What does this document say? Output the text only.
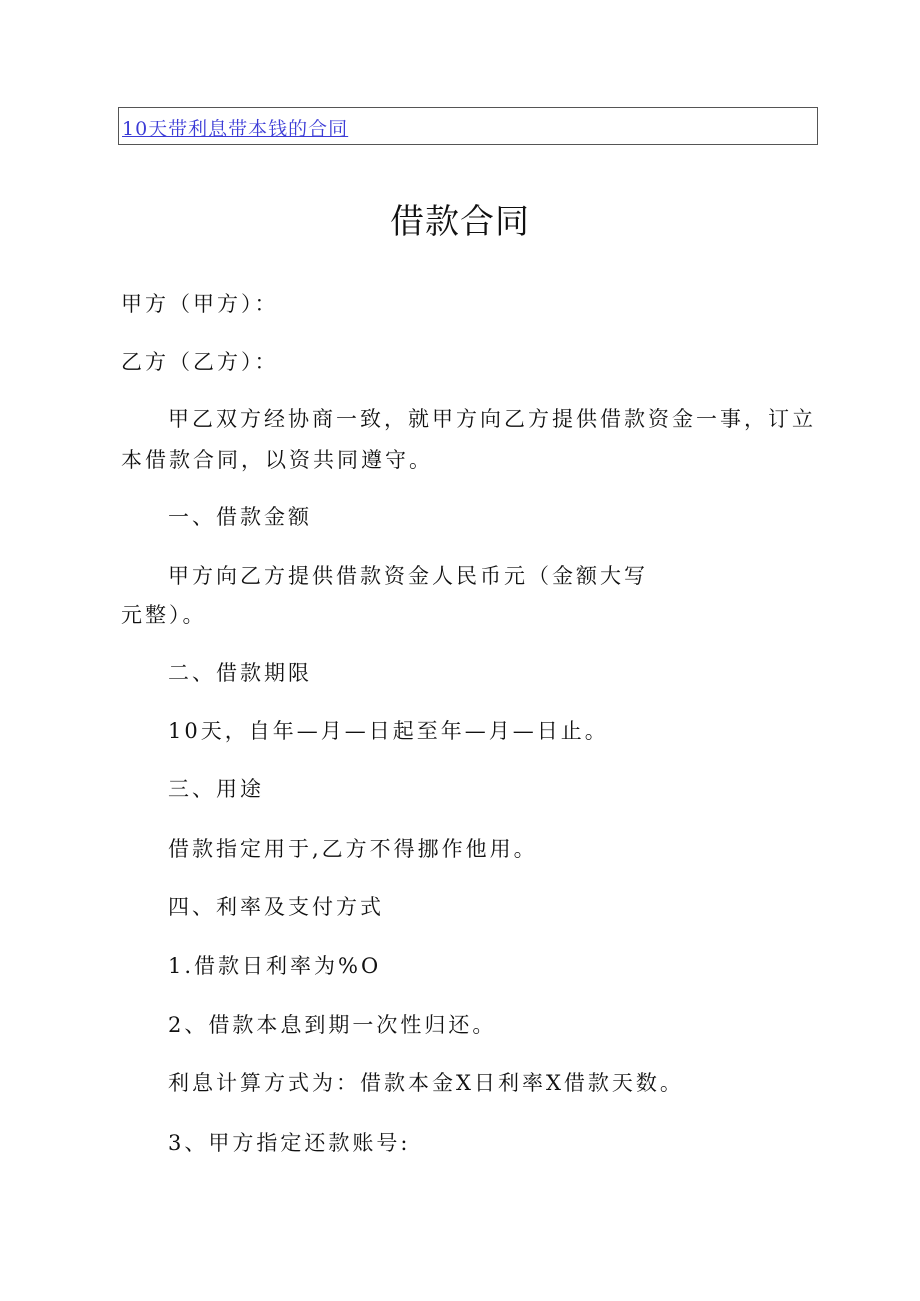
10天带利息带本钱的合同
借款合同

甲方（甲方）：

乙方（乙方）：

甲乙双方经协商一致，就甲方向乙方提供借款资金一事，订立

本借款合同，以资共同遵守。

一、借款金额

甲方向乙方提供借款资金人民币元（金额大写

元整）。

二、借款期限

10天，自年—月—日起至年—月—日止。

三、用途

借款指定用于,乙方不得挪作他用。

四、利率及支付方式

1.借款日利率为%O

2、借款本息到期一次性归还。

利息计算方式为：借款本金X日利率X借款天数。

3、甲方指定还款账号:
